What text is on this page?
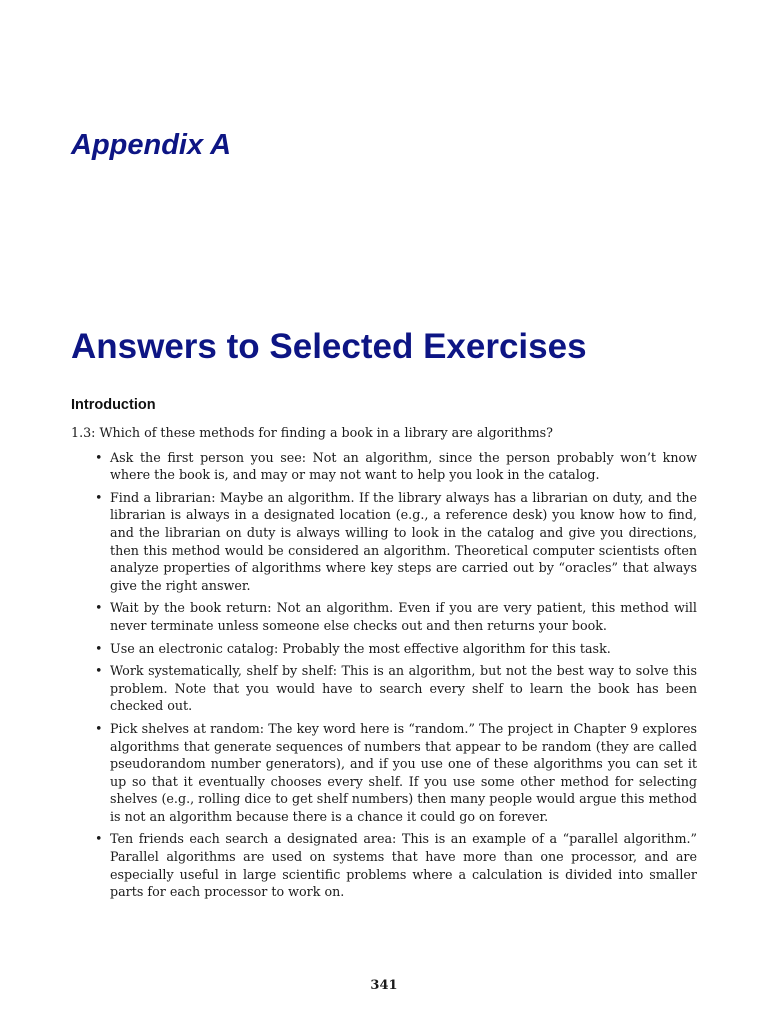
Appendix A
Answers to Selected Exercises
Introduction

1.3: Which of these methods for finding a book in a library are algorithms?

• Ask the first person you see: Not an algorithm, since the person probably won’t know where the book is, and may or may not want to help you look in the catalog.
• Find a librarian: Maybe an algorithm. If the library always has a librarian on duty, and the librarian is always in a designated location (e.g., a reference desk) you know how to find, and the librarian on duty is always willing to look in the catalog and give you directions, then this method would be considered an algorithm. Theoretical computer scientists often analyze properties of algorithms where key steps are carried out by “oracles” that always give the right answer.
• Wait by the book return: Not an algorithm. Even if you are very patient, this method will never terminate unless someone else checks out and then returns your book.
• Use an electronic catalog: Probably the most effective algorithm for this task.
• Work systematically, shelf by shelf: This is an algorithm, but not the best way to solve this problem. Note that you would have to search every shelf to learn the book has been checked out.
• Pick shelves at random: The key word here is “random.” The project in Chapter 9 explores algorithms that generate sequences of numbers that appear to be random (they are called pseudorandom number generators), and if you use one of these algorithms you can set it up so that it eventually chooses every shelf. If you use some other method for selecting shelves (e.g., rolling dice to get shelf numbers) then many people would argue this method is not an algorithm because there is a chance it could go on forever.
• Ten friends each search a designated area: This is an example of a “parallel algorithm.” Parallel algorithms are used on systems that have more than one processor, and are especially useful in large scientific problems where a calculation is divided into smaller parts for each processor to work on.

341
